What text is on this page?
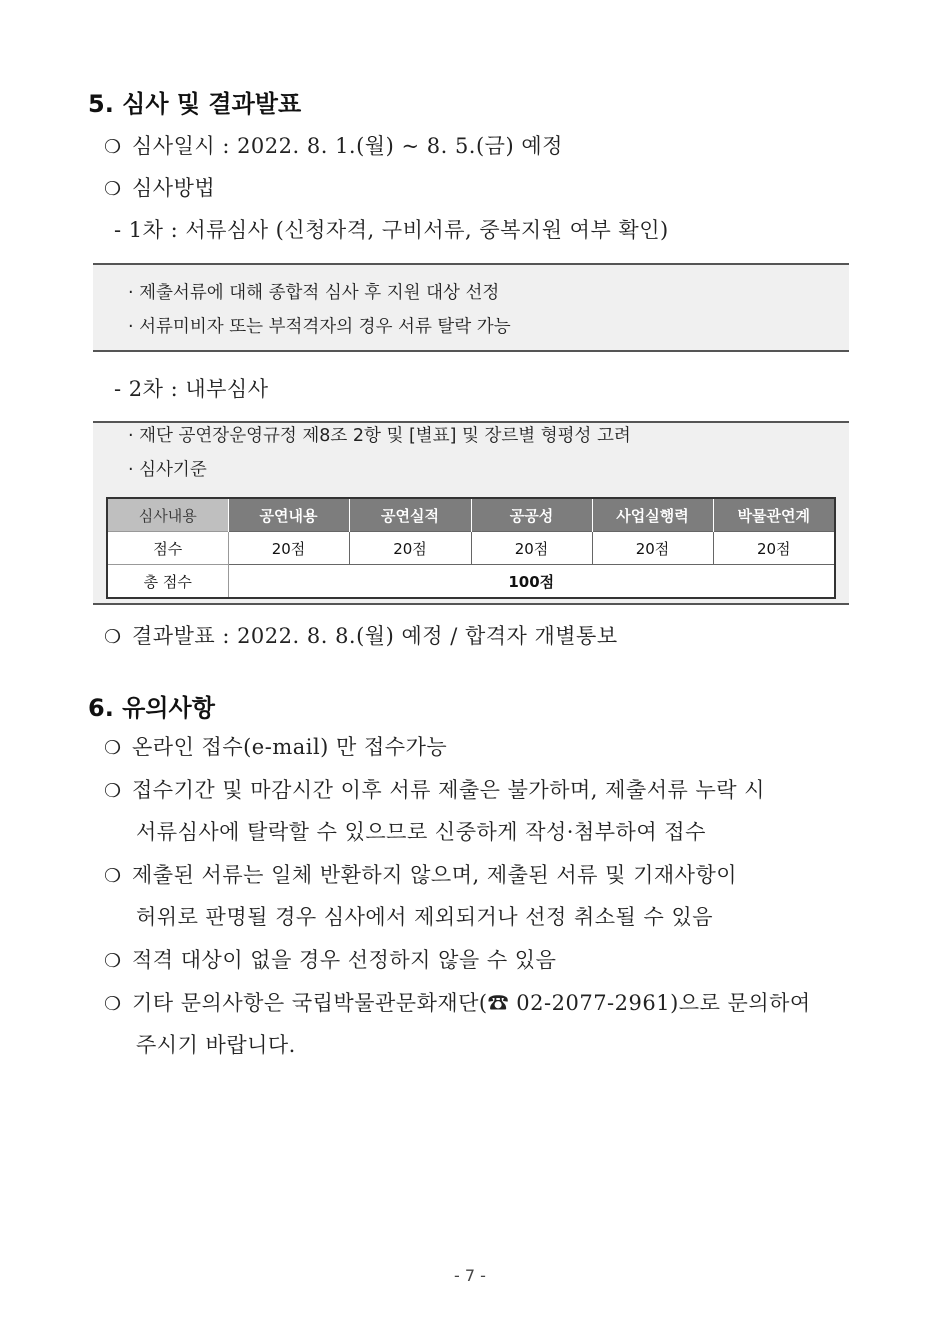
5. 심사 및 결과발표
❍ 심사일시 : 2022. 8. 1.(월) ~ 8. 5.(금) 예정
❍ 심사방법
- 1차 : 서류심사 (신청자격, 구비서류, 중복지원 여부 확인)
· 제출서류에 대해 종합적 심사 후 지원 대상 선정
· 서류미비자 또는 부적격자의 경우 서류 탈락 가능
- 2차 : 내부심사
· 재단 공연장운영규정 제8조 2항 및 [별표] 및 장르별 형평성 고려
· 심사기준
심사내용	공연내용	공연실적	공공성	사업실행력	박물관연계
점수	20점	20점	20점	20점	20점
총 점수	100점				
❍ 결과발표 : 2022. 8. 8.(월) 예정 / 합격자 개별통보
6. 유의사항
❍ 온라인 접수(e-mail) 만 접수가능
❍ 접수기간 및 마감시간 이후 서류 제출은 불가하며, 제출서류 누락 시
서류심사에 탈락할 수 있으므로 신중하게 작성·첨부하여 접수
❍ 제출된 서류는 일체 반환하지 않으며, 제출된 서류 및 기재사항이
허위로 판명될 경우 심사에서 제외되거나 선정 취소될 수 있음
❍ 적격 대상이 없을 경우 선정하지 않을 수 있음
❍ 기타 문의사항은 국립박물관문화재단(☎ 02-2077-2961)으로 문의하여
주시기 바랍니다.
- 7 -
